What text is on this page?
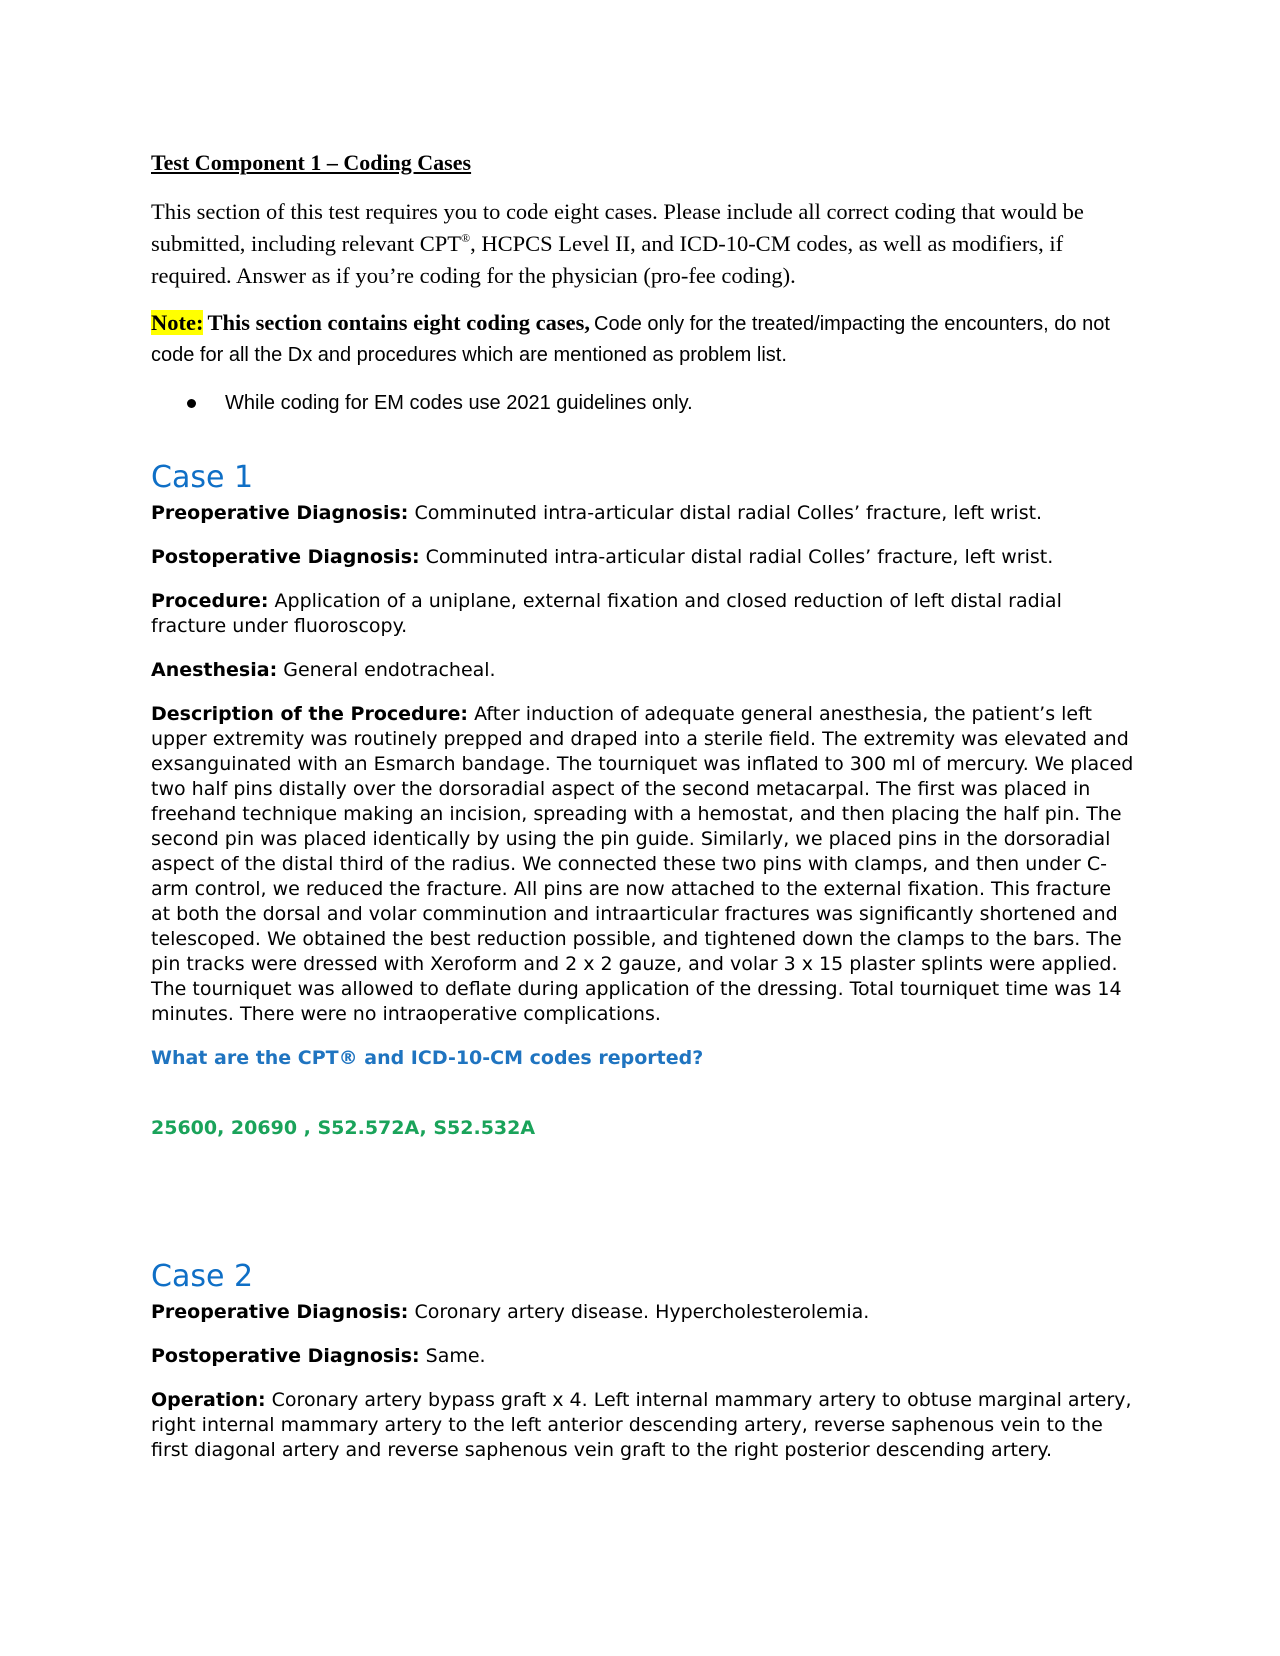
Test Component 1 – Coding Cases

This section of this test requires you to code eight cases. Please include all correct coding that would be submitted, including relevant CPT®, HCPCS Level II, and ICD-10-CM codes, as well as modifiers, if required. Answer as if you’re coding for the physician (pro-fee coding).

Note: This section contains eight coding cases, Code only for the treated/impacting the encounters, do not code for all the Dx and procedures which are mentioned as problem list.

While coding for EM codes use 2021 guidelines only.
Case 1

Preoperative Diagnosis: Comminuted intra-articular distal radial Colles’ fracture, left wrist.

Postoperative Diagnosis: Comminuted intra-articular distal radial Colles’ fracture, left wrist.

Procedure: Application of a uniplane, external fixation and closed reduction of left distal radial fracture under fluoroscopy.

Anesthesia: General endotracheal.

Description of the Procedure: After induction of adequate general anesthesia, the patient’s left upper extremity was routinely prepped and draped into a sterile field. The extremity was elevated and exsanguinated with an Esmarch bandage. The tourniquet was inflated to 300 ml of mercury. We placed two half pins distally over the dorsoradial aspect of the second metacarpal. The first was placed in freehand technique making an incision, spreading with a hemostat, and then placing the half pin. The second pin was placed identically by using the pin guide. Similarly, we placed pins in the dorsoradial aspect of the distal third of the radius. We connected these two pins with clamps, and then under C-arm control, we reduced the fracture. All pins are now attached to the external fixation. This fracture at both the dorsal and volar comminution and intraarticular fractures was significantly shortened and telescoped. We obtained the best reduction possible, and tightened down the clamps to the bars. The pin tracks were dressed with Xeroform and 2 x 2 gauze, and volar 3 x 15 plaster splints were applied. The tourniquet was allowed to deflate during application of the dressing. Total tourniquet time was 14 minutes. There were no intraoperative complications.

What are the CPT® and ICD-10-CM codes reported?

25600, 20690 , S52.572A, S52.532A

Case 2

Preoperative Diagnosis: Coronary artery disease. Hypercholesterolemia.

Postoperative Diagnosis: Same.

Operation: Coronary artery bypass graft x 4. Left internal mammary artery to obtuse marginal artery, right internal mammary artery to the left anterior descending artery, reverse saphenous vein to the first diagonal artery and reverse saphenous vein graft to the right posterior descending artery.
